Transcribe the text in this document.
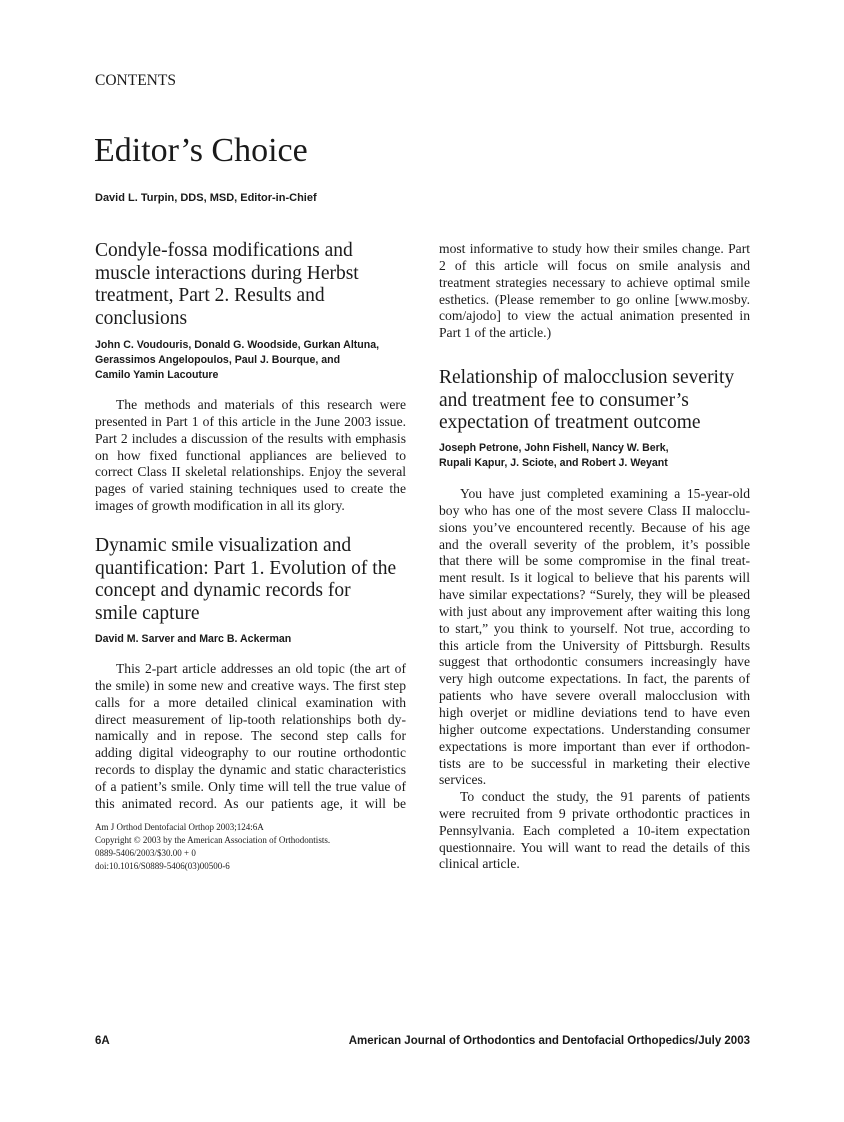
CONTENTS
Editor’s Choice
David L. Turpin, DDS, MSD, Editor-in-Chief
Condyle-fossa modifications and
muscle interactions during Herbst
treatment, Part 2. Results and
conclusions
John C. Voudouris, Donald G. Woodside, Gurkan Altuna,
Gerassimos Angelopoulos, Paul J. Bourque, and
Camilo Yamin Lacouture
The methods and materials of this research were
presented in Part 1 of this article in the June 2003 issue.
Part 2 includes a discussion of the results with emphasis
on how fixed functional appliances are believed to
correct Class II skeletal relationships. Enjoy the several
pages of varied staining techniques used to create the
images of growth modification in all its glory.
Dynamic smile visualization and
quantification: Part 1. Evolution of the
concept and dynamic records for
smile capture
David M. Sarver and Marc B. Ackerman
This 2-part article addresses an old topic (the art of
the smile) in some new and creative ways. The first step
calls for a more detailed clinical examination with
direct measurement of lip-tooth relationships both dy-
namically and in repose. The second step calls for
adding digital videography to our routine orthodontic
records to display the dynamic and static characteristics
of a patient’s smile. Only time will tell the true value of
this animated record. As our patients age, it will be
Am J Orthod Dentofacial Orthop 2003;124:6A
Copyright © 2003 by the American Association of Orthodontists.
0889-5406/2003/$30.00 + 0
doi:10.1016/S0889-5406(03)00500-6
most informative to study how their smiles change. Part
2 of this article will focus on smile analysis and
treatment strategies necessary to achieve optimal smile
esthetics. (Please remember to go online [www.mosby.
com/ajodo] to view the actual animation presented in
Part 1 of the article.)
Relationship of malocclusion severity
and treatment fee to consumer’s
expectation of treatment outcome
Joseph Petrone, John Fishell, Nancy W. Berk,
Rupali Kapur, J. Sciote, and Robert J. Weyant
You have just completed examining a 15-year-old
boy who has one of the most severe Class II malocclu-
sions you’ve encountered recently. Because of his age
and the overall severity of the problem, it’s possible
that there will be some compromise in the final treat-
ment result. Is it logical to believe that his parents will
have similar expectations? “Surely, they will be pleased
with just about any improvement after waiting this long
to start,” you think to yourself. Not true, according to
this article from the University of Pittsburgh. Results
suggest that orthodontic consumers increasingly have
very high outcome expectations. In fact, the parents of
patients who have severe overall malocclusion with
high overjet or midline deviations tend to have even
higher outcome expectations. Understanding consumer
expectations is more important than ever if orthodon-
tists are to be successful in marketing their elective
services.
To conduct the study, the 91 parents of patients
were recruited from 9 private orthodontic practices in
Pennsylvania. Each completed a 10-item expectation
questionnaire. You will want to read the details of this
clinical article.
6A	American Journal of Orthodontics and Dentofacial Orthopedics/July 2003
